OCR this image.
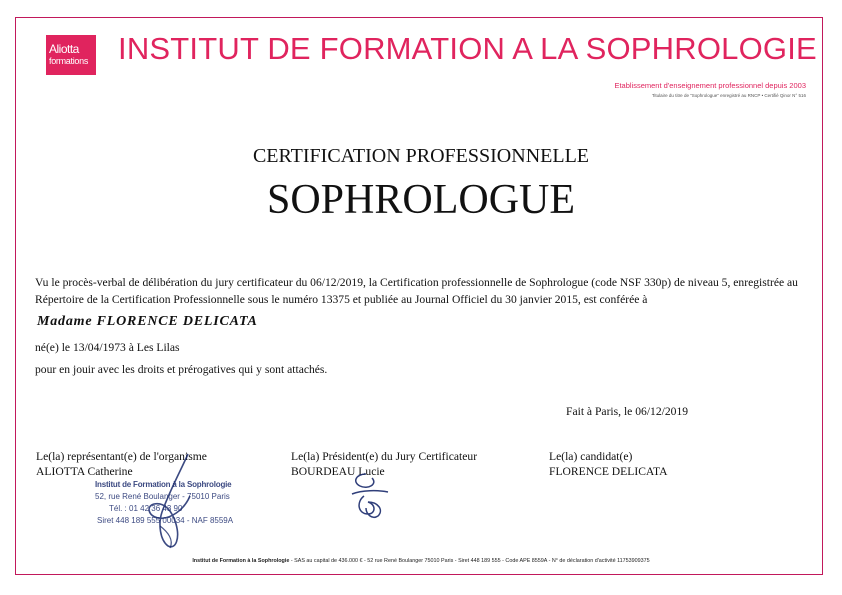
Aliotta
formations INSTITUT DE FORMATION A LA SOPHROLOGIE
Etablissement d'enseignement professionnel depuis 2003
Titulaire du titre de "Sophrologue" enregistré au RNCP • Certifié Qinor N° 516
CERTIFICATION PROFESSIONNELLE
SOPHROLOGUE
Vu le procès-verbal de délibération du jury certificateur du 06/12/2019, la Certification professionnelle de Sophrologue (code NSF 330p) de niveau 5, enregistrée au Répertoire de la Certification Professionnelle sous le numéro 13375 et publiée au Journal Officiel du 30 janvier 2015, est conférée à
Madame FLORENCE DELICATA
né(e) le 13/04/1973 à Les Lilas
pour en jouir avec les droits et prérogatives qui y sont attachés.
Fait à Paris, le 06/12/2019
Le(la) représentant(e) de l'organisme
ALIOTTA Catherine
Le(la) Président(e) du Jury Certificateur
BOURDEAU Lucie
Le(la) candidat(e)
FLORENCE DELICATA
Institut de Formation à la Sophrologie
52, rue René Boulanger - 75010 Paris
Tél. : 01 42 36 43 90
Siret 448 189 555 00034 - NAF 8559A
Institut de Formation à la Sophrologie - SAS au capital de 436.000 € - 52 rue René Boulanger 75010 Paris - Siret 448 189 555 - Code APE 8559A - N° de déclaration d'activité 11753909375
